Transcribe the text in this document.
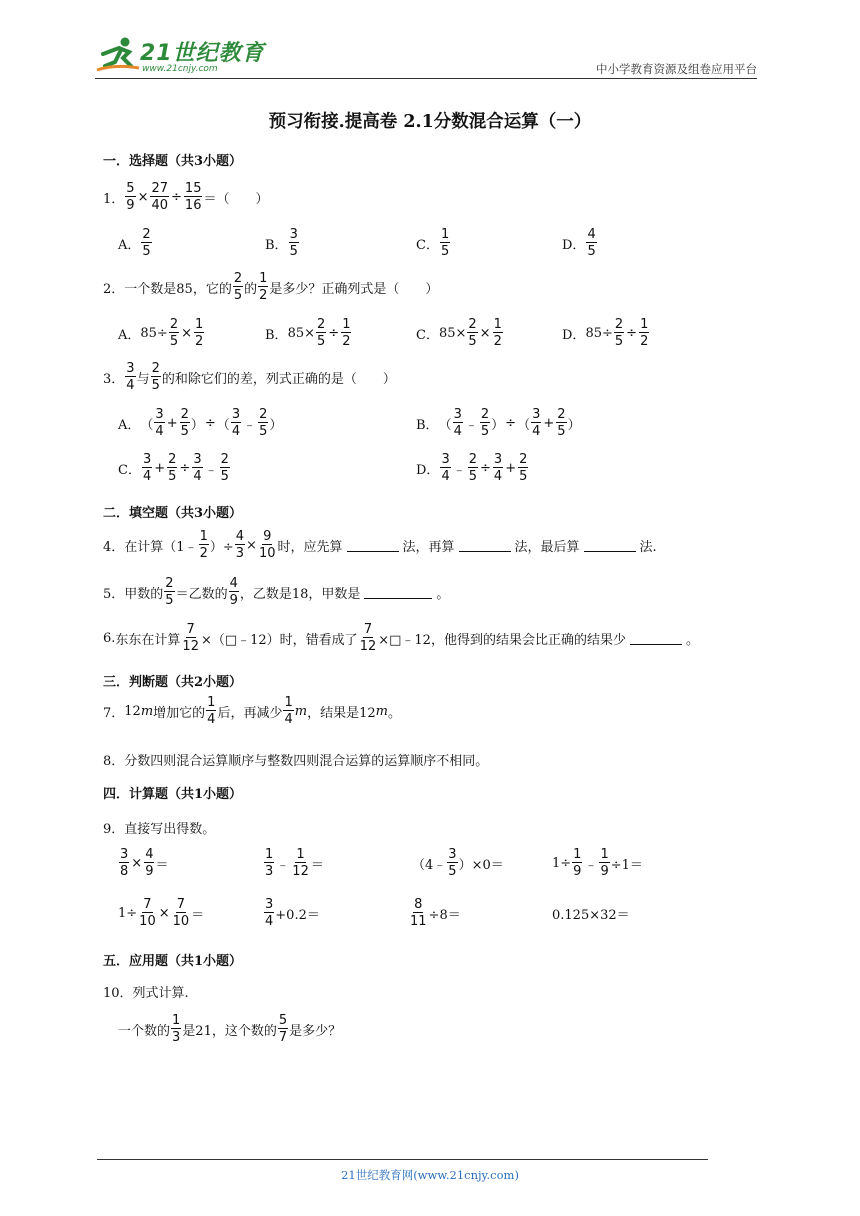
21世纪教育
www.21cnjy.com	中小学教育资源及组卷应用平台
预习衔接.提高卷 2.1分数混合运算（一）
一．选择题（共3小题）
1． $\frac{5}{9} \times \frac{27}{40} \div \frac{15}{16}$ ＝（　　）
A． $\frac{2}{5}$	B． $\frac{3}{5}$	C． $\frac{1}{5}$	D． $\frac{4}{5}$
2． 一个数是85，它的 $\frac{2}{5}$ 的 $\frac{1}{2}$ 是多少？正确列式是（　　）
A． $85\div \frac{2}{5} \times \frac{1}{2}$	B． $85\times \frac{2}{5} \div \frac{1}{2}$	C． $85\times \frac{2}{5} \times \frac{1}{2}$	D． $85\div \frac{2}{5} \div \frac{1}{2}$
3． $\frac{3}{4}$ 与 $\frac{2}{5}$ 的和除它们的差，列式正确的是（　　）
A． （ $\frac{3}{4} + \frac{2}{5}$ ） ÷ （ $\frac{3}{4}$ ﹣ $\frac{2}{5}$ ）	B． （ $\frac{3}{4}$ ﹣ $\frac{2}{5}$ ） ÷ （ $\frac{3}{4} + \frac{2}{5}$ ）
C． $\frac{3}{4} + \frac{2}{5} \div \frac{3}{4}$ ﹣ $\frac{2}{5}$	D． $\frac{3}{4}$ ﹣ $\frac{2}{5} \div \frac{3}{4} + \frac{2}{5}$
二．填空题（共3小题）
4． 在计算（1﹣ $\frac{1}{2}$ ）÷ $\frac{4}{3} \times \frac{9}{10}$ 时，应先算	法，再算	法，最后算	法.
5． 甲数的 $\frac{2}{5}$ ＝乙数的 $\frac{4}{9}$ ，乙数是18，甲数是	。
6. 东东在计算 $\frac{7}{12}$ ×（□﹣12）时，错看成了 $\frac{7}{12}$ ×□﹣12，他得到的结果会比正确的结果少	。
三．判断题（共2小题）
7． 12 m 增加它的 $\frac{1}{4}$ 后，再减少 $\frac{1}{4}$ m ，结果是12 m 。
8． 分数四则混合运算顺序与整数四则混合运算的运算顺序不相同。
四．计算题（共1小题）
9． 直接写出得数。
$\frac{3}{8} \times \frac{4}{9}$ ＝	$\frac{1}{3}$ ﹣ $\frac{1}{12}$ ＝	（4﹣ $\frac{3}{5} )\times 0=$	$1\div \frac{1}{9}$ ﹣ $\frac{1}{9} \div 1=$
$1\div \frac{7}{10} \times \frac{7}{10}$ ＝	$\frac{3}{4} +0.2=$	$\frac{8}{11} \div 8=$	0.125×32＝
五．应用题（共1小题）
10． 列式计算.
一个数的 $\frac{1}{3}$ 是21，这个数的 $\frac{5}{7}$ 是多少？
21世纪教育网(www.21cnjy.com)
